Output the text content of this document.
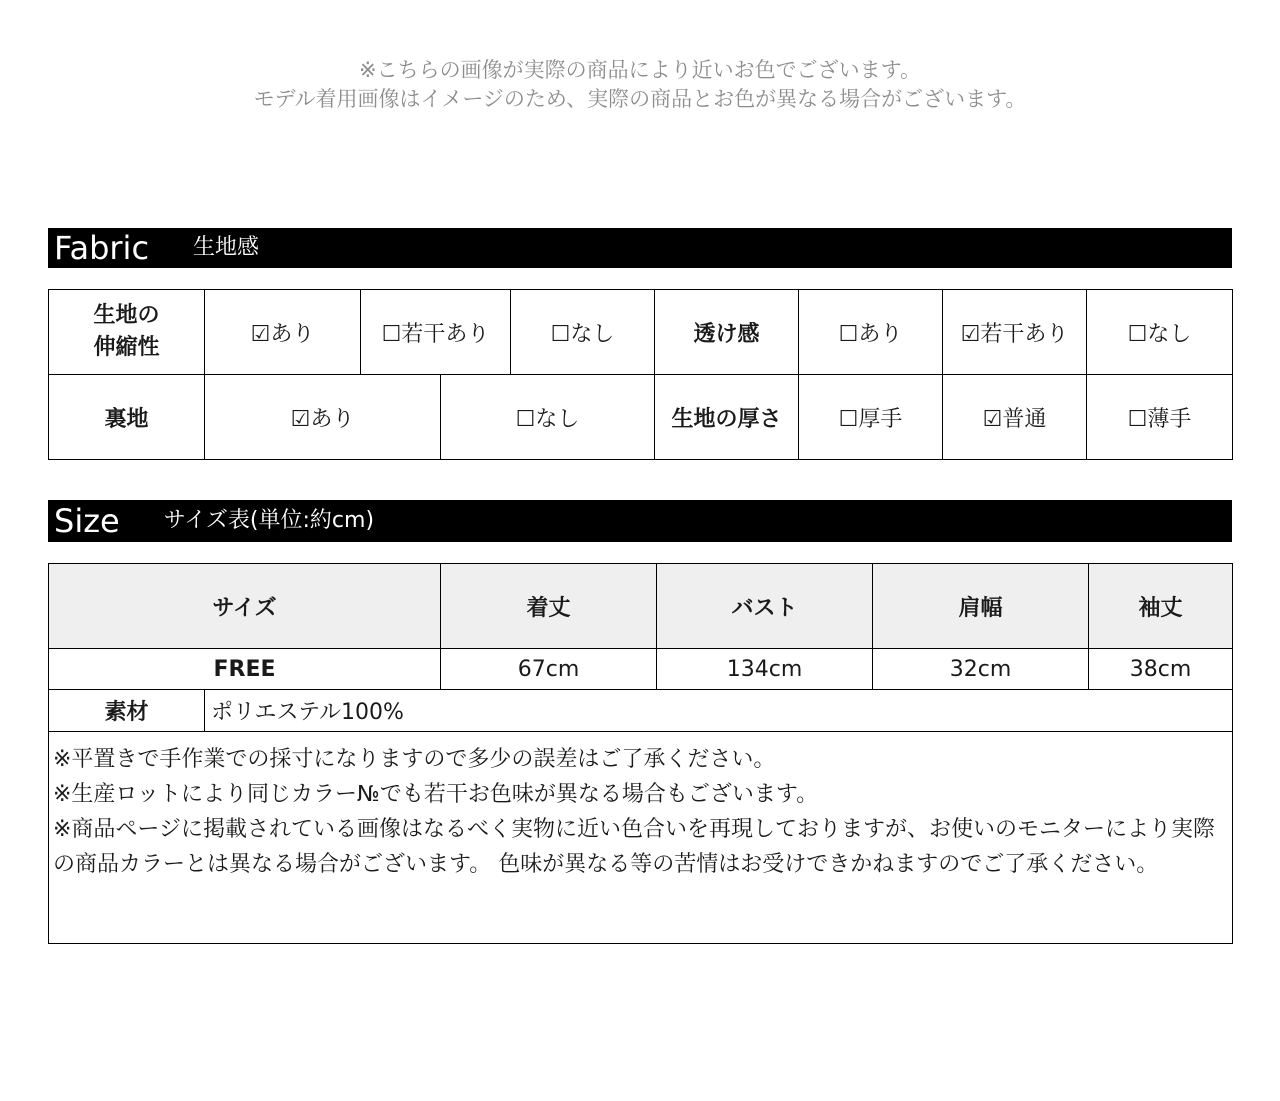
※こちらの画像が実際の商品により近いお色でございます。
モデル着用画像はイメージのため、実際の商品とお色が異なる場合がございます。
Fabric 生地感
生地の
伸縮性	☑あり	☐若干あり		☐なし	透け感	☐あり	☑若干あり	☐なし
裏地	☑あり		☐なし		生地の厚さ	☐厚手	☑普通	☐薄手
Size サイズ表(単位:約cm)
サイズ		着丈	バスト	肩幅	袖丈
FREE		67cm	134cm	32cm	38cm
素材	ポリエステル100%				

※平置きで手作業での採寸になりますので多少の誤差はご了承ください。
※生産ロットにより同じカラー№でも若干お色味が異なる場合もございます。
※商品ページに掲載されている画像はなるべく実物に近い色合いを再現しておりますが、お使いのモニターにより実際の商品カラーとは異なる場合がございます。 色味が異なる等の苦情はお受けできかねますのでご了承ください。					
